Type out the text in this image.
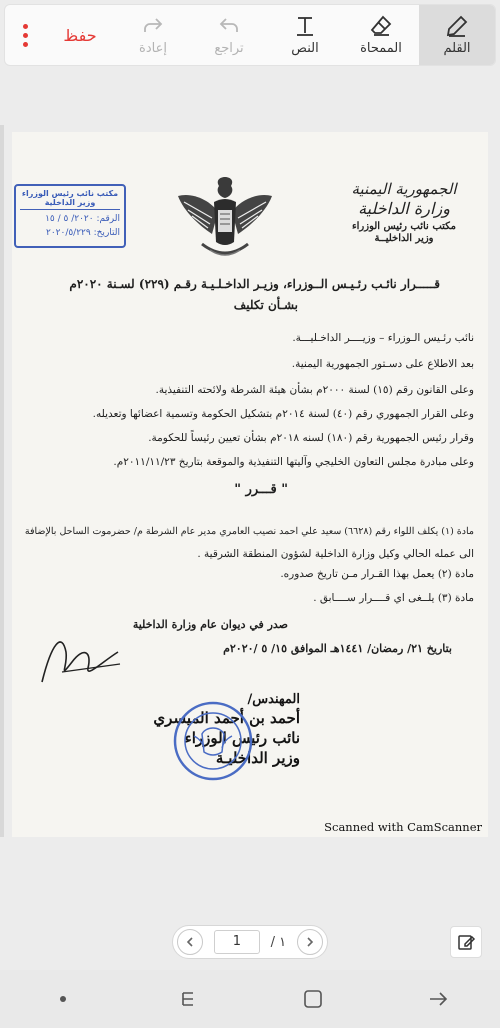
حفظ
إعادة	تراجع	النص	الممحاة	القلم
الجمهورية اليمنية
وزارة الداخلية
مكتب نائب رئيس الوزراء
وزير الداخليــة
مكتب نائب رئيس الوزراء وزير الداخلية
الرقم: ٢٠٢٠/ ٥ / ١٥
التاريخ: ٢٠٢٠/٥/٢٢٩
قـــــرار نائـب رئـيـس الــوزراء، وزيـر الداخـلـيـة رقـم (٢٢٩) لسـنة ٢٠٢٠م
بشـأن تكليف
نائب رئـيس الـوزراء – وزيــــر الداخـليـــة.
بعد الاطلاع على دسـتور الجمهورية اليمنية.
وعلى القانون رقم (١٥) لسنة ٢٠٠٠م بشأن هيئة الشرطة ولائحته التنفيذية.
وعلى القرار الجمهوري رقم (٤٠) لسنة ٢٠١٤م بتشكيل الحكومة وتسمية اعضائها وتعديله.
وقرار رئيس الجمهورية رقم (١٨٠) لسنه ٢٠١٨م بشأن تعيين رئيساً للحكومة.
وعلى مبادرة مجلس التعاون الخليجي وآليتها التنفيذية والموقعة بتاريخ ٢٠١١/١١/٢٣م.
" قـــرر "
مادة (١) يكلف اللواء رقم (٦٦٢٨) سعيد علي احمد نصيب العامري مدير عام الشرطة م/ حضرموت الساحل بالإضافة
الى عمله الحالي وكيل وزارة الداخلية لشؤون المنطقة الشرقية .
مادة (٢) يعمل بهذا القـرار مـن تاريخ صدوره.
مادة (٣) يلــغى اي قــــرار ســــابق .
صدر في ديوان عام وزارة الداخلية
بتاريخ ٢١/ رمضان/ ١٤٤١هـ الموافق ١٥/ ٥ /٢٠٢٠م
المهندس/
أحمد بن أحمد الميسري
نائب رئيس الوزراء
وزير الداخليـة
Scanned with CamScanner
1	/ ١
